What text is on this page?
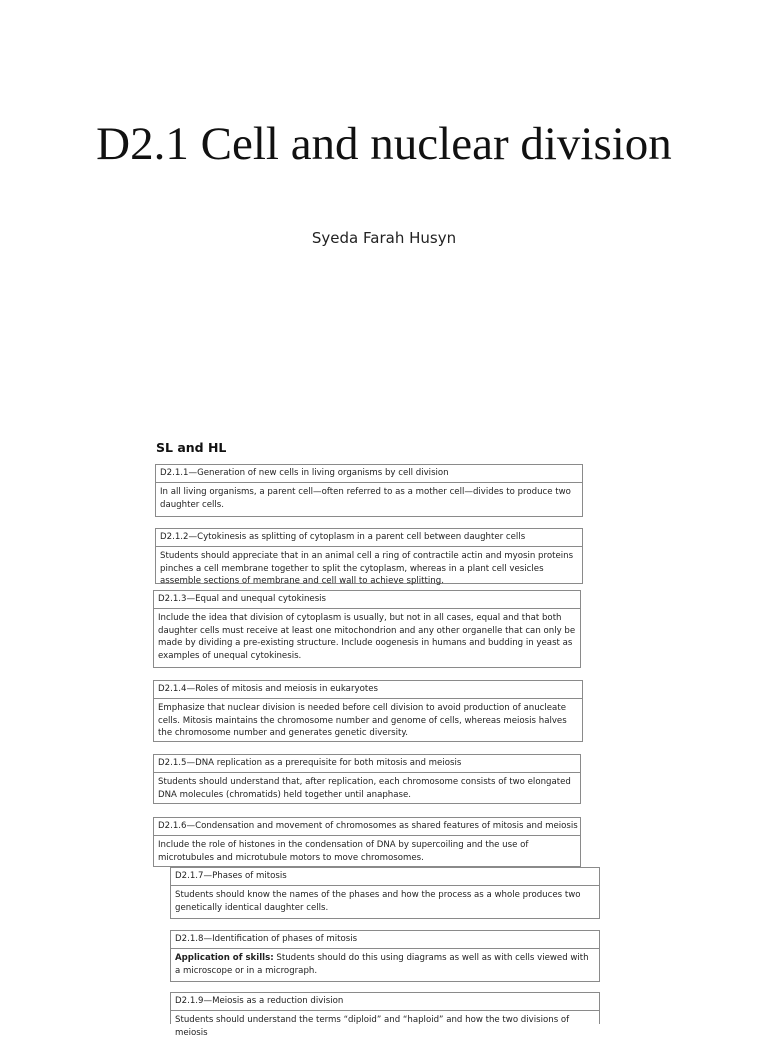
D2.1 Cell and nuclear division
Syeda Farah Husyn
SL and HL
D2.1.1—Generation of new cells in living organisms by cell division
In all living organisms, a parent cell—often referred to as a mother cell—divides to produce two daughter cells.
D2.1.2—Cytokinesis as splitting of cytoplasm in a parent cell between daughter cells
Students should appreciate that in an animal cell a ring of contractile actin and myosin proteins pinches a cell membrane together to split the cytoplasm, whereas in a plant cell vesicles assemble sections of membrane and cell wall to achieve splitting.
D2.1.3—Equal and unequal cytokinesis
Include the idea that division of cytoplasm is usually, but not in all cases, equal and that both daughter cells must receive at least one mitochondrion and any other organelle that can only be made by dividing a pre-existing structure. Include oogenesis in humans and budding in yeast as examples of unequal cytokinesis.
D2.1.4—Roles of mitosis and meiosis in eukaryotes
Emphasize that nuclear division is needed before cell division to avoid production of anucleate cells. Mitosis maintains the chromosome number and genome of cells, whereas meiosis halves the chromosome number and generates genetic diversity.
D2.1.5—DNA replication as a prerequisite for both mitosis and meiosis
Students should understand that, after replication, each chromosome consists of two elongated DNA molecules (chromatids) held together until anaphase.
D2.1.6—Condensation and movement of chromosomes as shared features of mitosis and meiosis
Include the role of histones in the condensation of DNA by supercoiling and the use of microtubules and microtubule motors to move chromosomes.
D2.1.7—Phases of mitosis
Students should know the names of the phases and how the process as a whole produces two genetically identical daughter cells.
D2.1.8—Identification of phases of mitosis
Application of skills: Students should do this using diagrams as well as with cells viewed with a microscope or in a micrograph.
D2.1.9—Meiosis as a reduction division
Students should understand the terms “diploid” and “haploid” and how the two divisions of meiosis
